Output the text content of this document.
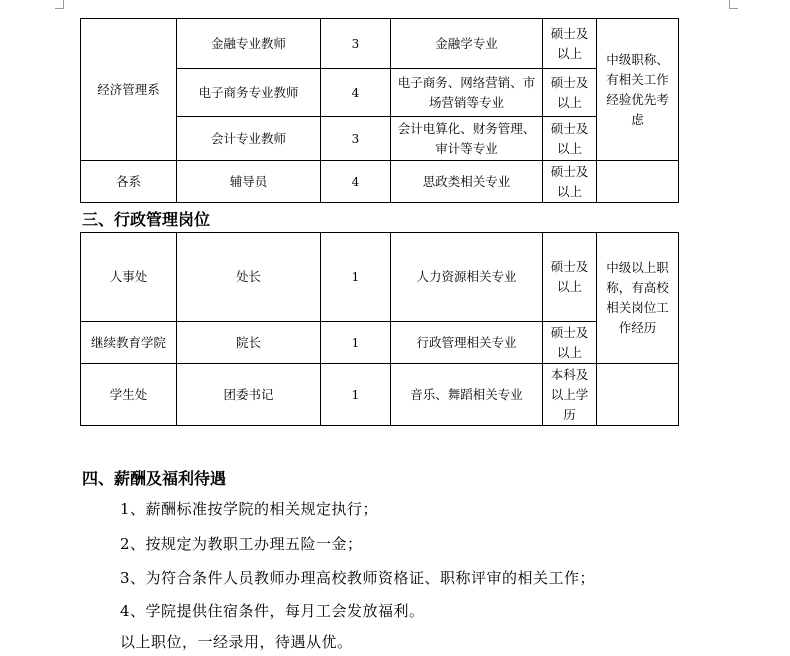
经济管理系	金融专业教师	3	金融学专业	硕士及以上	中级职称、有相关工作经验优先考虑
	电子商务专业教师	4	电子商务、网络营销、市场营销等专业	硕士及以上	
	会计专业教师	3	会计电算化、财务管理、审计等专业	硕士及以上	
各系	辅导员	4	思政类相关专业	硕士及以上	
三、行政管理岗位
人事处	处长	1	人力资源相关专业	硕士及以上	中级以上职称，有高校相关岗位工作经历
继续教育学院	院长	1	行政管理相关专业	硕士及以上	
学生处	团委书记	1	音乐、舞蹈相关专业	本科及以上学历	
四、薪酬及福利待遇
1、薪酬标准按学院的相关规定执行；
2、按规定为教职工办理五险一金；
3、为符合条件人员教师办理高校教师资格证、职称评审的相关工作；
4、学院提供住宿条件，每月工会发放福利。
以上职位，一经录用，待遇从优。
